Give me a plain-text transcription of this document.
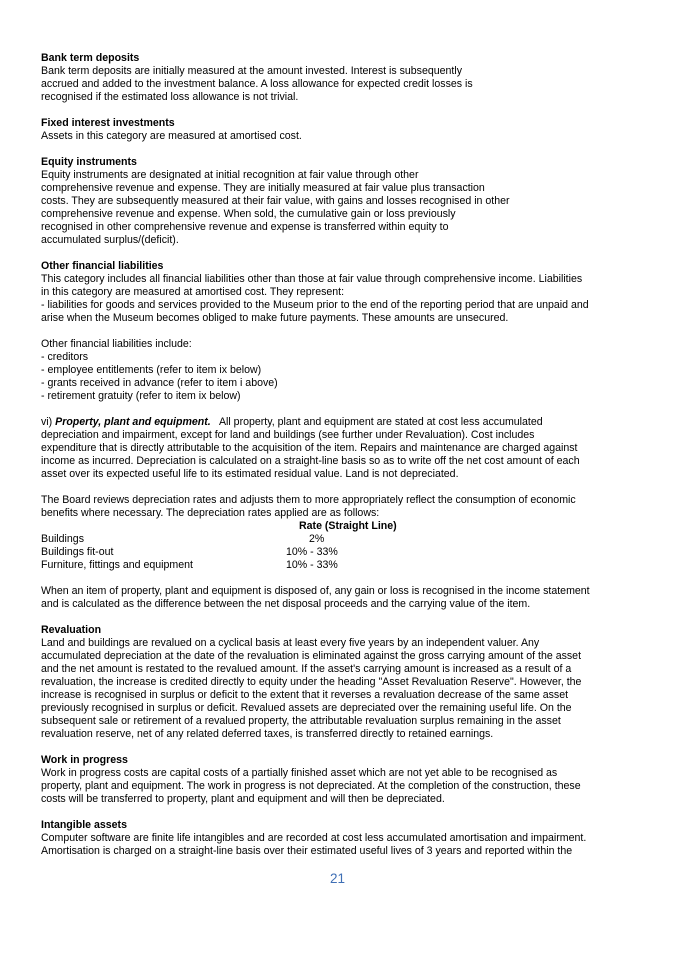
Bank term deposits
Bank term deposits are initially measured at the amount invested. Interest is subsequently
accrued and added to the investment balance. A loss allowance for expected credit losses is
recognised if the estimated loss allowance is not trivial.
Fixed interest investments
Assets in this category are measured at amortised cost.
Equity instruments
Equity instruments are designated at initial recognition at fair value through other
comprehensive revenue and expense. They are initially measured at fair value plus transaction
costs. They are subsequently measured at their fair value, with gains and losses recognised in other
comprehensive revenue and expense. When sold, the cumulative gain or loss previously
recognised in other comprehensive revenue and expense is transferred within equity to
accumulated surplus/(deficit).
Other financial liabilities
This category includes all financial liabilities other than those at fair value through comprehensive income. Liabilities
in this category are measured at amortised cost. They represent:
- liabilities for goods and services provided to the Museum prior to the end of the reporting period that are unpaid and
arise when the Museum becomes obliged to make future payments. These amounts are unsecured.
Other financial liabilities include:
- creditors
- employee entitlements (refer to item ix below)
- grants received in advance (refer to item i above)
- retirement gratuity (refer to item ix below)
vi) Property, plant and equipment.   All property, plant and equipment are stated at cost less accumulated
depreciation and impairment, except for land and buildings (see further under Revaluation). Cost includes
expenditure that is directly attributable to the acquisition of the item. Repairs and maintenance are charged against
income as incurred. Depreciation is calculated on a straight-line basis so as to write off the net cost amount of each
asset over its expected useful life to its estimated residual value. Land is not depreciated.
The Board reviews depreciation rates and adjusts them to more appropriately reflect the consumption of economic
benefits where necessary. The depreciation rates applied are as follows:
Rate (Straight Line)
Buildings	2%
Buildings fit-out	10% - 33%
Furniture, fittings and equipment	10% - 33%
When an item of property, plant and equipment is disposed of, any gain or loss is recognised in the income statement
and is calculated as the difference between the net disposal proceeds and the carrying value of the item.
Revaluation
Land and buildings are revalued on a cyclical basis at least every five years by an independent valuer. Any
accumulated depreciation at the date of the revaluation is eliminated against the gross carrying amount of the asset
and the net amount is restated to the revalued amount. If the asset's carrying amount is increased as a result of a
revaluation, the increase is credited directly to equity under the heading "Asset Revaluation Reserve". However, the
increase is recognised in surplus or deficit to the extent that it reverses a revaluation decrease of the same asset
previously recognised in surplus or deficit. Revalued assets are depreciated over the remaining useful life. On the
subsequent sale or retirement of a revalued property, the attributable revaluation surplus remaining in the asset
revaluation reserve, net of any related deferred taxes, is transferred directly to retained earnings.
Work in progress
Work in progress costs are capital costs of a partially finished asset which are not yet able to be recognised as
property, plant and equipment. The work in progress is not depreciated. At the completion of the construction, these
costs will be transferred to property, plant and equipment and will then be depreciated.
Intangible assets
Computer software are finite life intangibles and are recorded at cost less accumulated amortisation and impairment.
Amortisation is charged on a straight-line basis over their estimated useful lives of 3 years and reported within the
21
